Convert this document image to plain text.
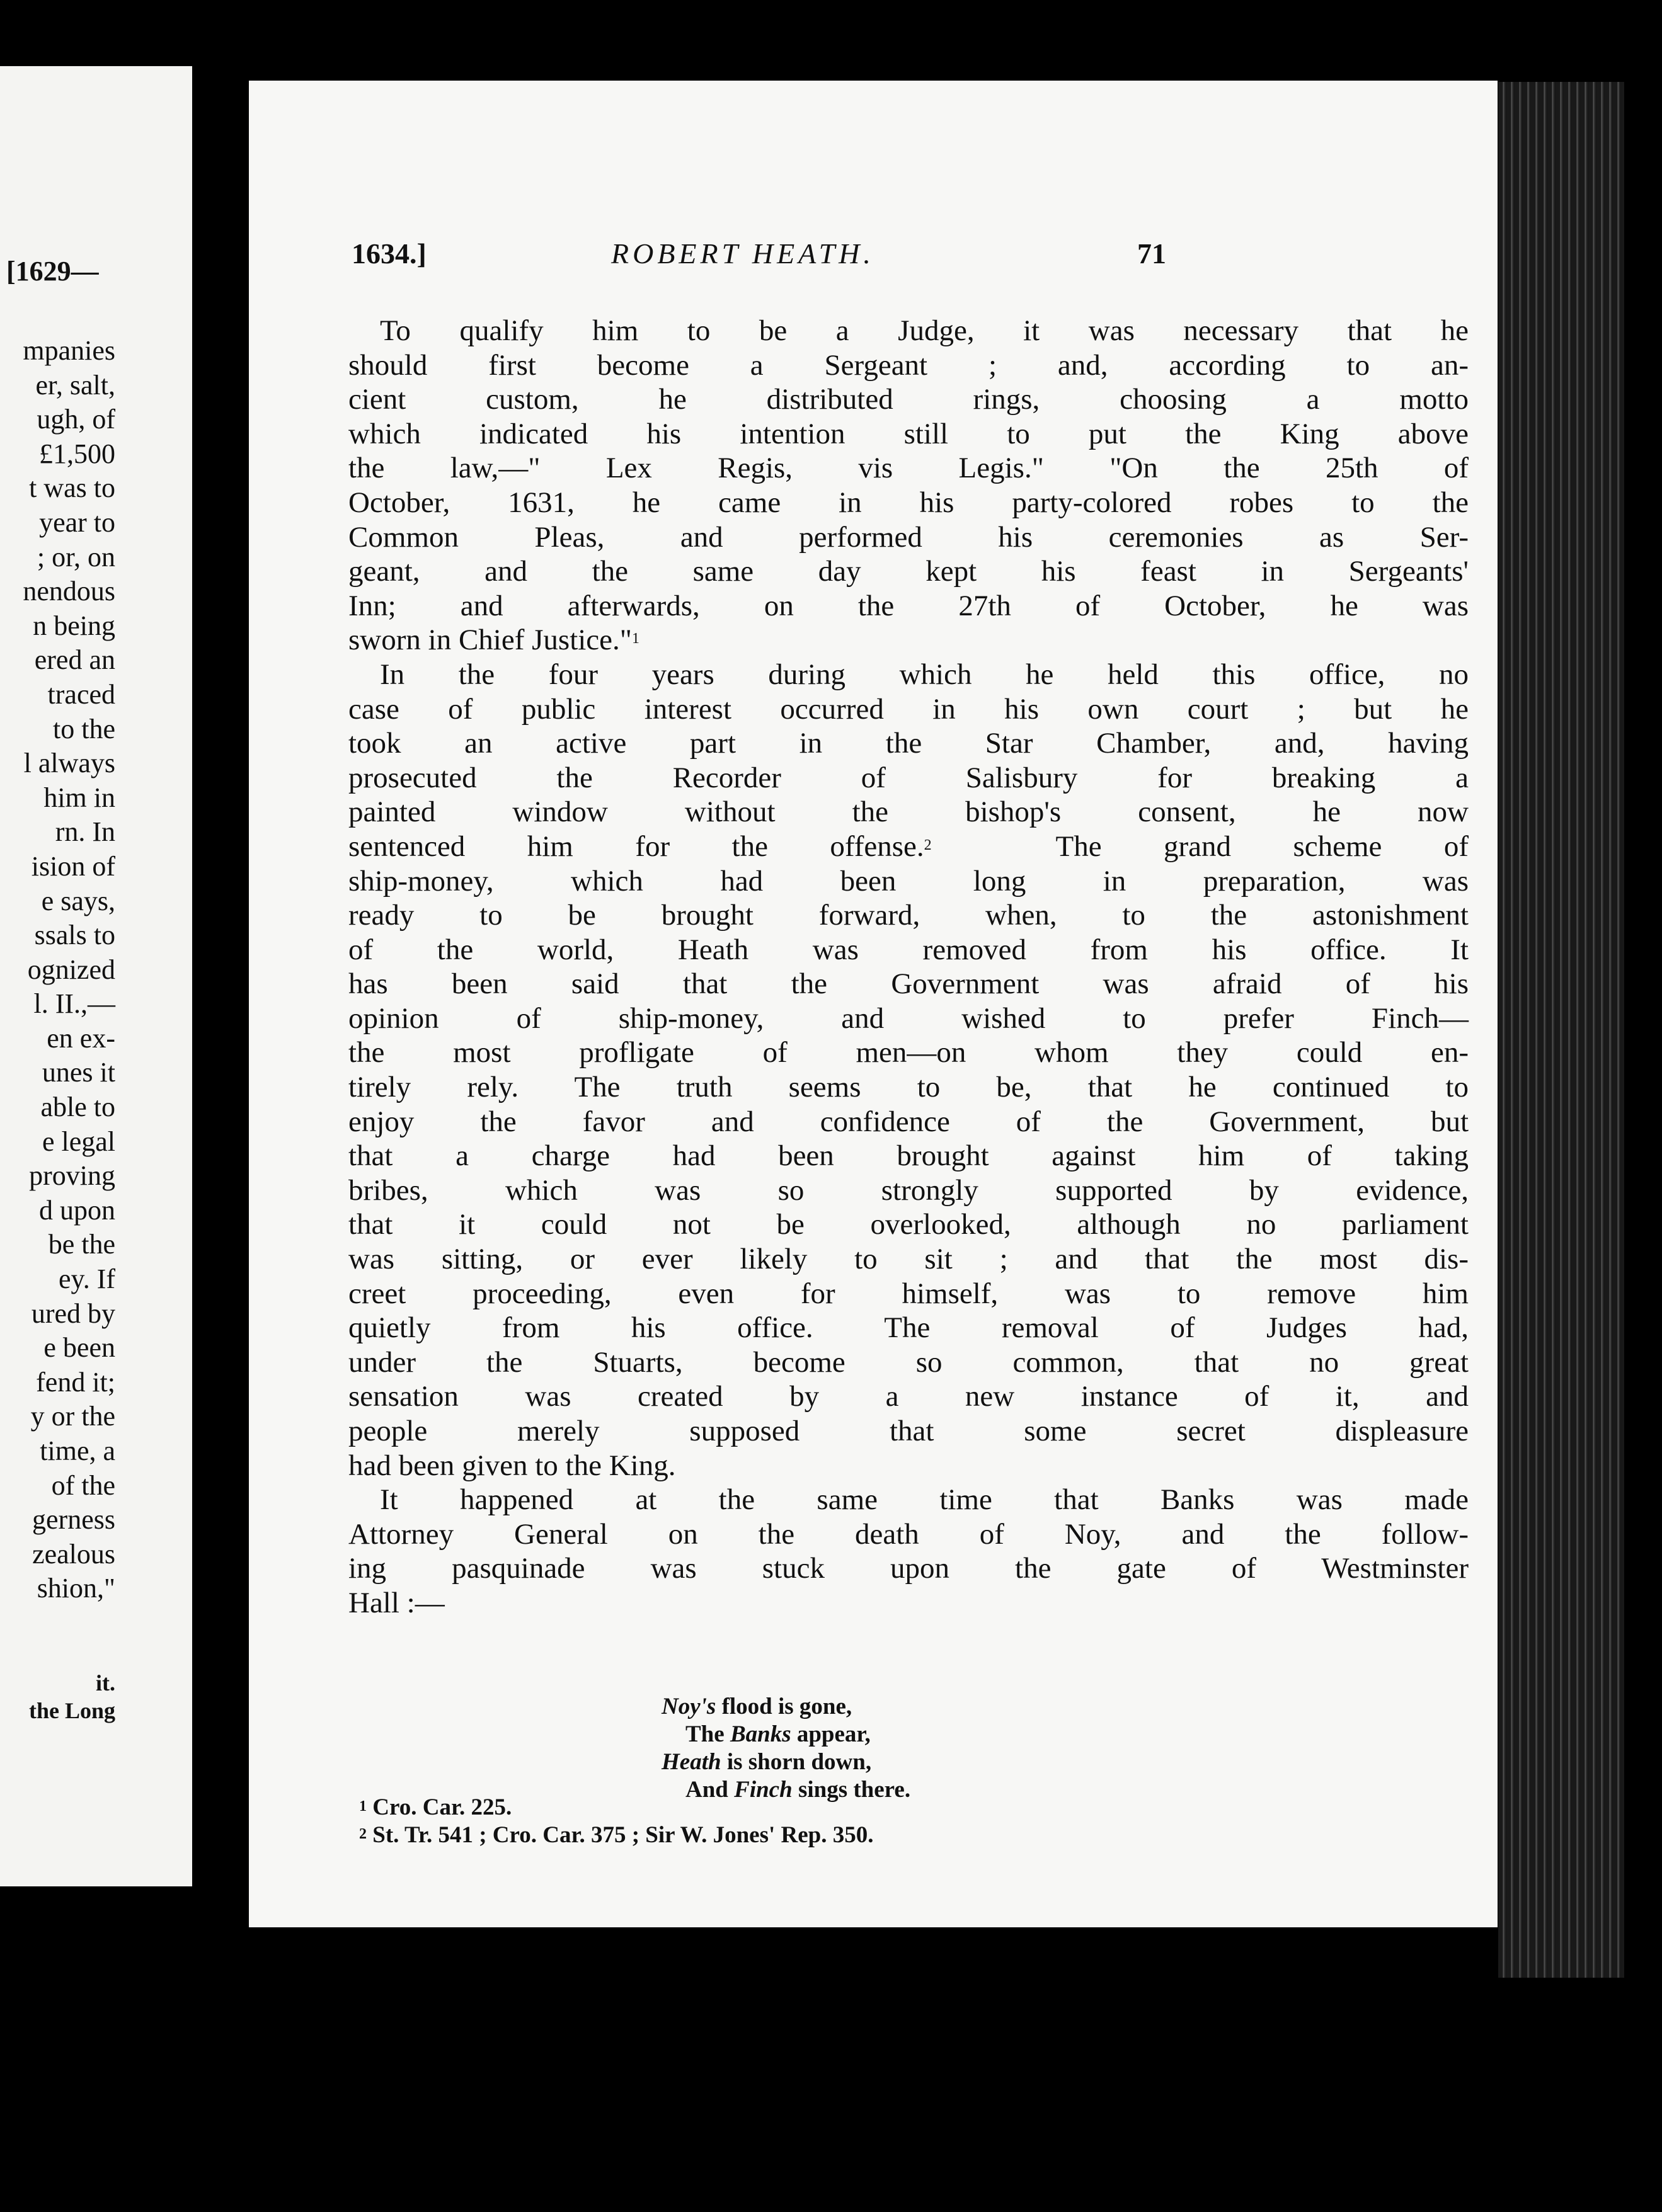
[1629—
mpanies
er, salt,
ugh, of
£1,500
t was to
year to
; or, on
nendous
n being
ered an
traced
to the
l always
him in
rn. In
ision of
e says,
ssals to
ognized
l. II.,—
en ex-
unes it
able to
e legal
proving
d upon
be the
ey. If
ured by
e been
fend it;
y or the
time, a
of the
gerness
zealous
shion,"
it.
the Long
1634.]	ROBERT HEATH.	71
To qualify him to be a Judge, it was necessary that he
should first become a Sergeant ; and, according to an-
cient custom, he distributed rings, choosing a motto
which indicated his intention still to put the King above
the law,—" Lex Regis, vis Legis." "On the 25th of
October, 1631, he came in his party-colored robes to the
Common Pleas, and performed his ceremonies as Ser-
geant, and the same day kept his feast in Sergeants'
Inn; and afterwards, on the 27th of October, he was
sworn in Chief Justice."$^1$
In the four years during which he held this office, no
case of public interest occurred in his own court ; but he
took an active part in the Star Chamber, and, having
prosecuted the Recorder of Salisbury for breaking a
painted window without the bishop's consent, he now
sentenced him for the offense.$^2$	The grand scheme of
ship-money, which had been long in preparation, was
ready to be brought forward, when, to the astonishment
of the world, Heath was removed from his office. It
has been said that the Government was afraid of his
opinion of ship-money, and wished to prefer Finch—
the most profligate of men—on whom they could en-
tirely rely. The truth seems to be, that he continued to
enjoy the favor and confidence of the Government, but
that a charge had been brought against him of taking
bribes, which was so strongly supported by evidence,
that it could not be overlooked, although no parliament
was sitting, or ever likely to sit ; and that the most dis-
creet proceeding, even for himself, was to remove him
quietly from his office. The removal of Judges had,
under the Stuarts, become so common, that no great
sensation was created by a new instance of it, and
people merely supposed that some secret displeasure
had been given to the King.
It happened at the same time that Banks was made
Attorney General on the death of Noy, and the follow-
ing pasquinade was stuck upon the gate of Westminster
Hall :—
Noy's flood is gone,
The Banks appear,
Heath is shorn down,
And Finch sings there.
$^1$ Cro. Car. 225.
$^2$ St. Tr. 541 ; Cro. Car. 375 ; Sir W. Jones' Rep. 350.
